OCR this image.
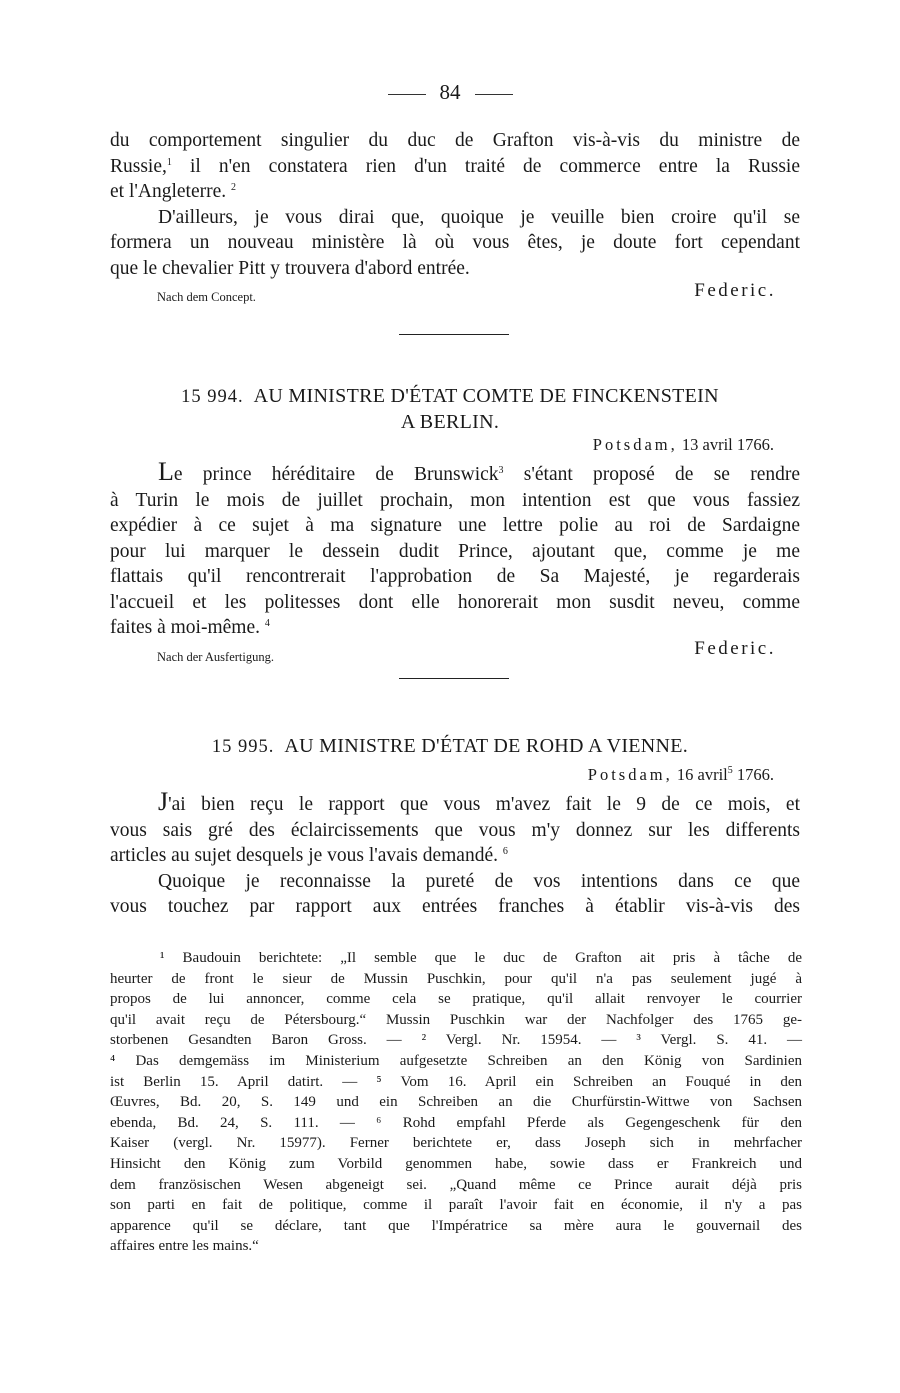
84
du comportement singulier du duc de Grafton vis-à-vis du ministre de
Russie,$^1$ il n'en constatera rien d'un traité de commerce entre la Russie
et l'Angleterre. $^2$
D'ailleurs, je vous dirai que, quoique je veuille bien croire qu'il se
formera un nouveau ministère là où vous êtes, je doute fort cependant
que le chevalier Pitt y trouvera d'abord entrée.
Nach dem Concept.	Federic.
15 994. AU MINISTRE D'ÉTAT COMTE DE FINCKENSTEIN
A BERLIN.
Potsdam, 13 avril 1766.
Le prince héréditaire de Brunswick$^3$ s'étant proposé de se rendre
à Turin le mois de juillet prochain, mon intention est que vous fassiez
expédier à ce sujet à ma signature une lettre polie au roi de Sardaigne
pour lui marquer le dessein dudit Prince, ajoutant que, comme je me
flattais qu'il rencontrerait l'approbation de Sa Majesté, je regarderais
l'accueil et les politesses dont elle honorerait mon susdit neveu, comme
faites à moi-même. $^4$
Nach der Ausfertigung.	Federic.
15 995. AU MINISTRE D'ÉTAT DE ROHD A VIENNE.
Potsdam, 16 avril$^5$ 1766.
J'ai bien reçu le rapport que vous m'avez fait le 9 de ce mois, et
vous sais gré des éclaircissements que vous m'y donnez sur les differents
articles au sujet desquels je vous l'avais demandé. $^6$
Quoique je reconnaisse la pureté de vos intentions dans ce que
vous touchez par rapport aux entrées franches à établir vis-à-vis des
¹ Baudouin berichtete: „Il semble que le duc de Grafton ait pris à tâche de
heurter de front le sieur de Mussin Puschkin, pour qu'il n'a pas seulement jugé à
propos de lui annoncer, comme cela se pratique, qu'il allait renvoyer le courrier
qu'il avait reçu de Pétersbourg.“ Mussin Puschkin war der Nachfolger des 1765 ge-
storbenen Gesandten Baron Gross. — ² Vergl. Nr. 15954. — ³ Vergl. S. 41. —
⁴ Das demgemäss im Ministerium aufgesetzte Schreiben an den König von Sardinien
ist Berlin 15. April datirt. — ⁵ Vom 16. April ein Schreiben an Fouqué in den
Œuvres, Bd. 20, S. 149 und ein Schreiben an die Churfürstin-Wittwe von Sachsen
ebenda, Bd. 24, S. 111. — ⁶ Rohd empfahl Pferde als Gegengeschenk für den
Kaiser (vergl. Nr. 15977). Ferner berichtete er, dass Joseph sich in mehrfacher
Hinsicht den König zum Vorbild genommen habe, sowie dass er Frankreich und
dem französischen Wesen abgeneigt sei. „Quand même ce Prince aurait déjà pris
son parti en fait de politique, comme il paraît l'avoir fait en économie, il n'y a pas
apparence qu'il se déclare, tant que l'Impératrice sa mère aura le gouvernail des
affaires entre les mains.“
